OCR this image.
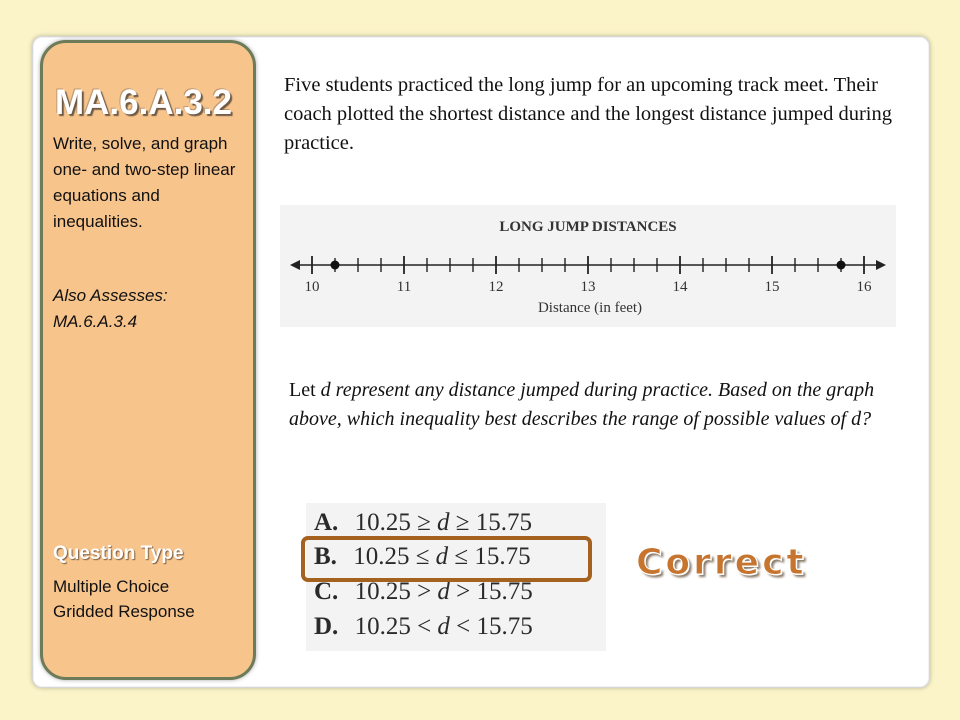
MA.6.A.3.2

Write, solve, and graph one- and two-step linear equations and inequalities.

Also Assesses:

MA.6.A.3.4

Question Type

Multiple Choice

Gridded Response

Five students practiced the long jump for an upcoming track meet. Their coach plotted the shortest distance and the longest distance jumped during practice.

LONG JUMP DISTANCES
10	11	12	13	14	15	16
Distance (in feet)

Let d represent any distance jumped during practice. Based on the graph above, which inequality best describes the range of possible values of d?

A. 10.25 ≥ d ≥ 15.75
B. 10.25 ≤ d ≤ 15.75
C. 10.25 > d > 15.75
D. 10.25 < d < 15.75

Correct
